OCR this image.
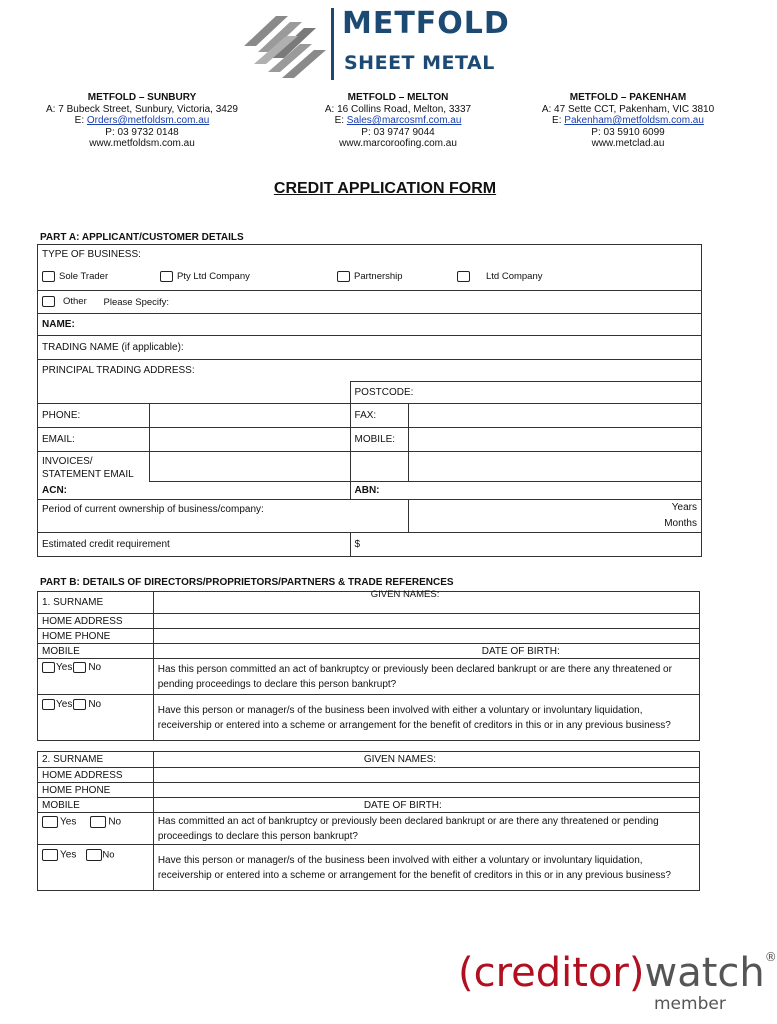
METFOLD
SHEET METAL
METFOLD – SUNBURY
A: 7 Bubeck Street, Sunbury, Victoria, 3429
E: Orders@metfoldsm.com.au
P: 03 9732 0148
www.metfoldsm.com.au
METFOLD – MELTON
A: 16 Collins Road, Melton, 3337
E: Sales@marcosmf.com.au
P: 03 9747 9044
www.marcoroofing.com.au
METFOLD – PAKENHAM
A: 47 Sette CCT, Pakenham, VIC 3810
E: Pakenham@metfoldsm.com.au
P: 03 5910 6099
www.metclad.au
CREDIT APPLICATION FORM
PART A: APPLICANT/CUSTOMER DETAILS
TYPE OF BUSINESS:			

Sole Trader Pty Ltd Company Partnership Ltd Company			

Other Please Specify:			
NAME:			
TRADING NAME (if applicable):			
PRINCIPAL TRADING ADDRESS:			
		POSTCODE:	
PHONE:		FAX:	
EMAIL:		MOBILE:	
INVOICES/
STATEMENT EMAIL			
ACN:		ABN:	
Period of current ownership of business/company:			Years
Months
Estimated credit requirement		$	
PART B: DETAILS OF DIRECTORS/PROPRIETORS/PARTNERS & TRADE REFERENCES
1. SURNAME	GIVEN NAMES:

HOME ADDRESS	
HOME PHONE	
MOBILE	DATE OF BIRTH:
Yes No	Has this person committed an act of bankruptcy or previously been declared bankrupt or are there any threatened or pending proceedings to declare this person bankrupt?
Yes No	Have this person or manager/s of the business been involved with either a voluntary or involuntary liquidation, receivership or entered into a scheme or arrangement for the benefit of creditors in this or in any previous business?
2. SURNAME	GIVEN NAMES:
HOME ADDRESS	
HOME PHONE	
MOBILE	DATE OF BIRTH:
Yes No	Has committed an act of bankruptcy or previously been declared bankrupt or are there any threatened or pending proceedings to declare this person bankrupt?
Yes No	Have this person or manager/s of the business been involved with either a voluntary or involuntary liquidation, receivership or entered into a scheme or arrangement for the benefit of creditors in this or in any previous business?
(creditor)watch®
member
